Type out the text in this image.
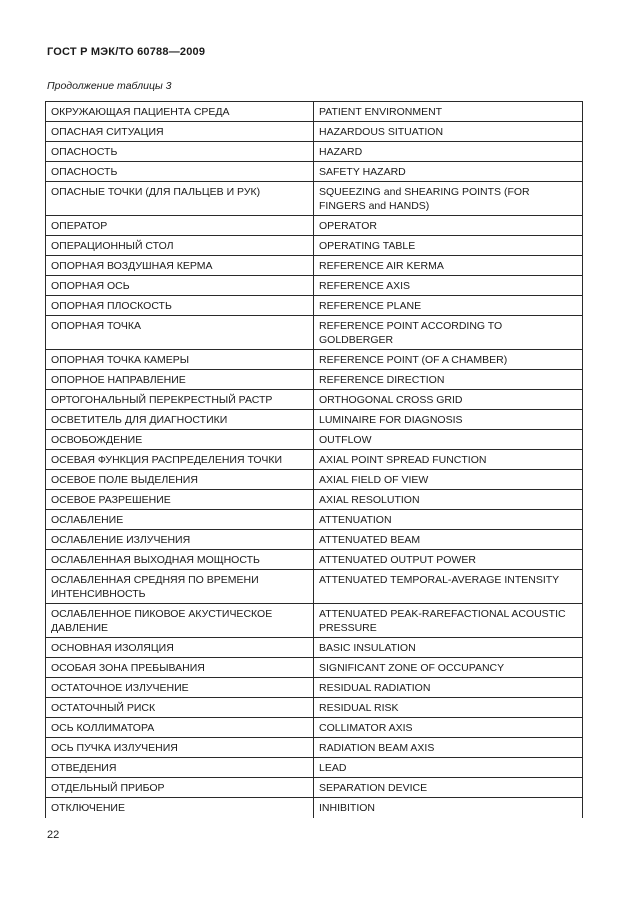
ГОСТ Р МЭК/ТО 60788—2009
Продолжение таблицы 3
ОКРУЖАЮЩАЯ ПАЦИЕНТА СРЕДА	PATIENT ENVIRONMENT
ОПАСНАЯ СИТУАЦИЯ	HAZARDOUS SITUATION
ОПАСНОСТЬ	HAZARD
ОПАСНОСТЬ	SAFETY HAZARD
ОПАСНЫЕ ТОЧКИ (ДЛЯ ПАЛЬЦЕВ И РУК)	SQUEEZING and SHEARING POINTS (FOR FINGERS and HANDS)
ОПЕРАТОР	OPERATOR
ОПЕРАЦИОННЫЙ СТОЛ	OPERATING TABLE
ОПОРНАЯ ВОЗДУШНАЯ КЕРМА	REFERENCE AIR KERMA
ОПОРНАЯ ОСЬ	REFERENCE AXIS
ОПОРНАЯ ПЛОСКОСТЬ	REFERENCE PLANE
ОПОРНАЯ ТОЧКА	REFERENCE POINT ACCORDING TO GOLDBERGER
ОПОРНАЯ ТОЧКА КАМЕРЫ	REFERENCE POINT (OF A CHAMBER)
ОПОРНОЕ НАПРАВЛЕНИЕ	REFERENCE DIRECTION
ОРТОГОНАЛЬНЫЙ ПЕРЕКРЕСТНЫЙ РАСТР	ORTHOGONAL CROSS GRID
ОСВЕТИТЕЛЬ ДЛЯ ДИАГНОСТИКИ	LUMINAIRE FOR DIAGNOSIS
ОСВОБОЖДЕНИЕ	OUTFLOW
ОСЕВАЯ ФУНКЦИЯ РАСПРЕДЕЛЕНИЯ ТОЧКИ	AXIAL POINT SPREAD FUNCTION
ОСЕВОЕ ПОЛЕ ВЫДЕЛЕНИЯ	AXIAL FIELD OF VIEW
ОСЕВОЕ РАЗРЕШЕНИЕ	AXIAL RESOLUTION
ОСЛАБЛЕНИЕ	ATTENUATION
ОСЛАБЛЕНИЕ ИЗЛУЧЕНИЯ	ATTENUATED BEAM
ОСЛАБЛЕННАЯ ВЫХОДНАЯ МОЩНОСТЬ	ATTENUATED OUTPUT POWER
ОСЛАБЛЕННАЯ СРЕДНЯЯ ПО ВРЕМЕНИ ИНТЕНСИВНОСТЬ	ATTENUATED TEMPORAL-AVERAGE INTENSITY
ОСЛАБЛЕННОЕ ПИКОВОЕ АКУСТИЧЕСКОЕ ДАВЛЕНИЕ	ATTENUATED PEAK-RAREFACTIONAL ACOUSTIC PRESSURE
ОСНОВНАЯ ИЗОЛЯЦИЯ	BASIC INSULATION
ОСОБАЯ ЗОНА ПРЕБЫВАНИЯ	SIGNIFICANT ZONE OF OCCUPANCY
ОСТАТОЧНОЕ ИЗЛУЧЕНИЕ	RESIDUAL RADIATION
ОСТАТОЧНЫЙ РИСК	RESIDUAL RISK
ОСЬ КОЛЛИМАТОРА	COLLIMATOR AXIS
ОСЬ ПУЧКА ИЗЛУЧЕНИЯ	RADIATION BEAM AXIS
ОТВЕДЕНИЯ	LEAD
ОТДЕЛЬНЫЙ ПРИБОР	SEPARATION DEVICE
ОТКЛЮЧЕНИЕ	INHIBITION
22
